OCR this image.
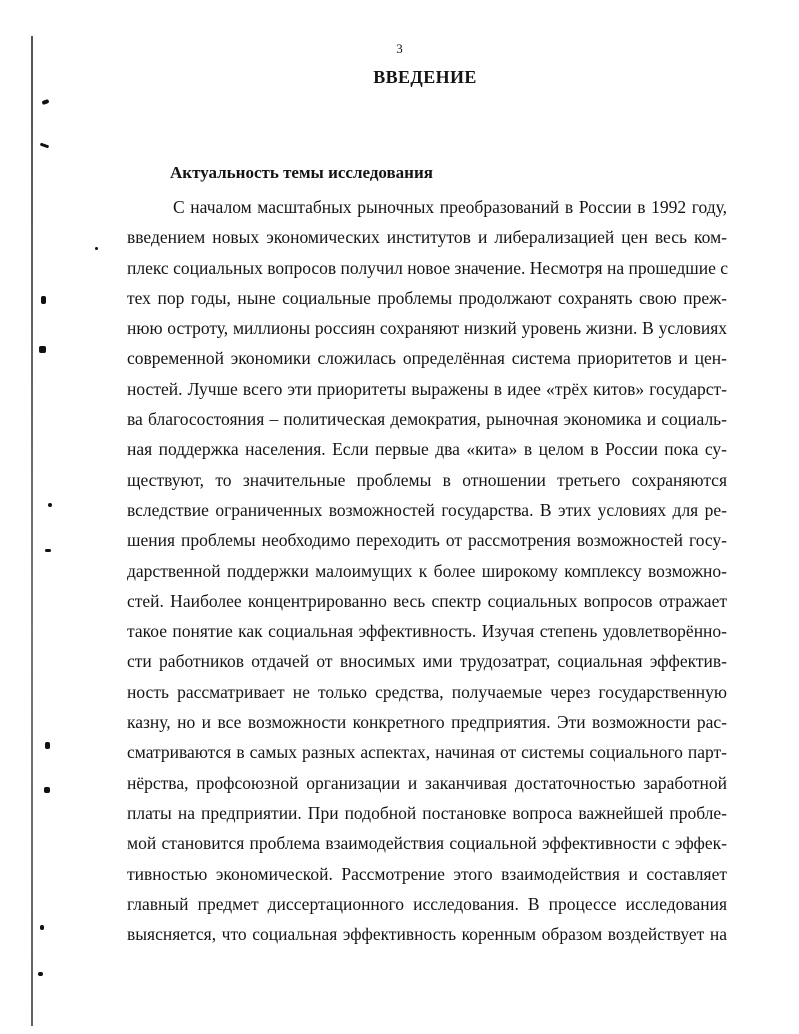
3
ВВЕДЕНИЕ
Актуальность темы исследования
С началом масштабных рыночных преобразований в России в 1992 году,
введением новых экономических институтов и либерализацией цен весь ком-
плекс социальных вопросов получил новое значение. Несмотря на прошедшие с
тех пор годы, ныне социальные проблемы продолжают сохранять свою преж-
нюю остроту, миллионы россиян сохраняют низкий уровень жизни. В условиях
современной экономики сложилась определённая система приоритетов и цен-
ностей. Лучше всего эти приоритеты выражены в идее «трёх китов» государст-
ва благосостояния – политическая демократия, рыночная экономика и социаль-
ная поддержка населения. Если первые два «кита» в целом в России пока су-
ществуют, то значительные проблемы в отношении третьего сохраняются
вследствие ограниченных возможностей государства. В этих условиях для ре-
шения проблемы необходимо переходить от рассмотрения возможностей госу-
дарственной поддержки малоимущих к более широкому комплексу возможно-
стей. Наиболее концентрированно весь спектр социальных вопросов отражает
такое понятие как социальная эффективность. Изучая степень удовлетворённо-
сти работников отдачей от вносимых ими трудозатрат, социальная эффектив-
ность рассматривает не только средства, получаемые через государственную
казну, но и все возможности конкретного предприятия. Эти возможности рас-
сматриваются в самых разных аспектах, начиная от системы социального парт-
нёрства, профсоюзной организации и заканчивая достаточностью заработной
платы на предприятии. При подобной постановке вопроса важнейшей пробле-
мой становится проблема взаимодействия социальной эффективности с эффек-
тивностью экономической. Рассмотрение этого взаимодействия и составляет
главный предмет диссертационного исследования. В процессе исследования
выясняется, что социальная эффективность коренным образом воздействует на
